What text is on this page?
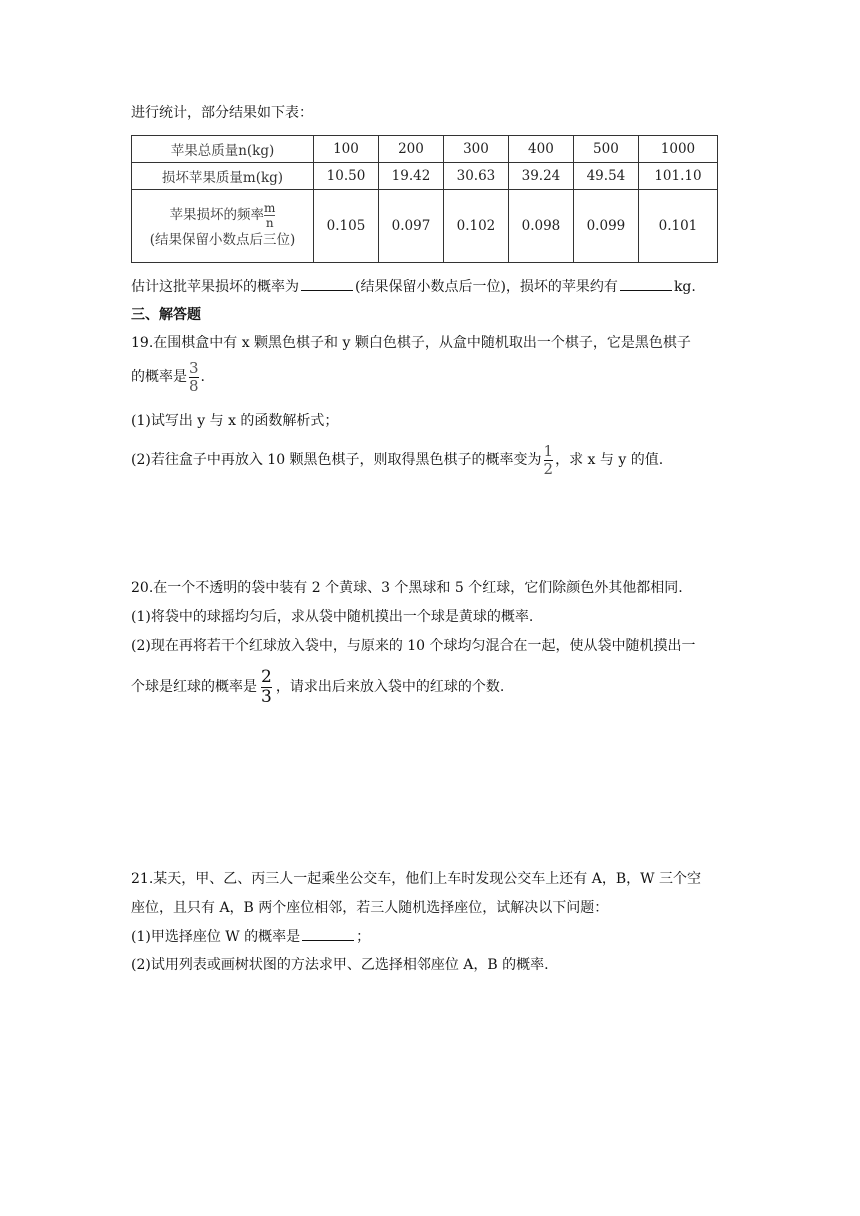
进行统计，部分结果如下表：
苹果总质量n(kg)	100	200	300	400	500	1000
损坏苹果质量m(kg)	10.50	19.42	30.63	39.24	49.54	101.10
苹果损坏的频率 $\frac{m}{n}$

(结果保留小数点后三位)	0.105	0.097	0.102	0.098	0.099	0.101
估计这批苹果损坏的概率为	(结果保留小数点后一位)，损坏的苹果约有	kg.
三、解答题
19.在围棋盒中有 x 颗黑色棋子和 y 颗白色棋子，从盒中随机取出一个棋子，它是黑色棋子
的概率是 $\frac{3}{8}$ .
(1)试写出 y 与 x 的函数解析式；
(2)若往盒子中再放入 10 颗黑色棋子，则取得黑色棋子的概率变为 $\frac{1}{2}$ ，求 x 与 y 的值.
20.在一个不透明的袋中装有 2 个黄球、3 个黑球和 5 个红球，它们除颜色外其他都相同.
(1)将袋中的球摇均匀后，求从袋中随机摸出一个球是黄球的概率.
(2)现在再将若干个红球放入袋中，与原来的 10 个球均匀混合在一起，使从袋中随机摸出一
个球是红球的概率是 $\frac{2}{3}$ ，请求出后来放入袋中的红球的个数.
21.某天，甲、乙、丙三人一起乘坐公交车，他们上车时发现公交车上还有 A，B，W 三个空
座位，且只有 A，B 两个座位相邻，若三人随机选择座位，试解决以下问题：
(1)甲选择座位 W 的概率是	；
(2)试用列表或画树状图的方法求甲、乙选择相邻座位 A，B 的概率.
